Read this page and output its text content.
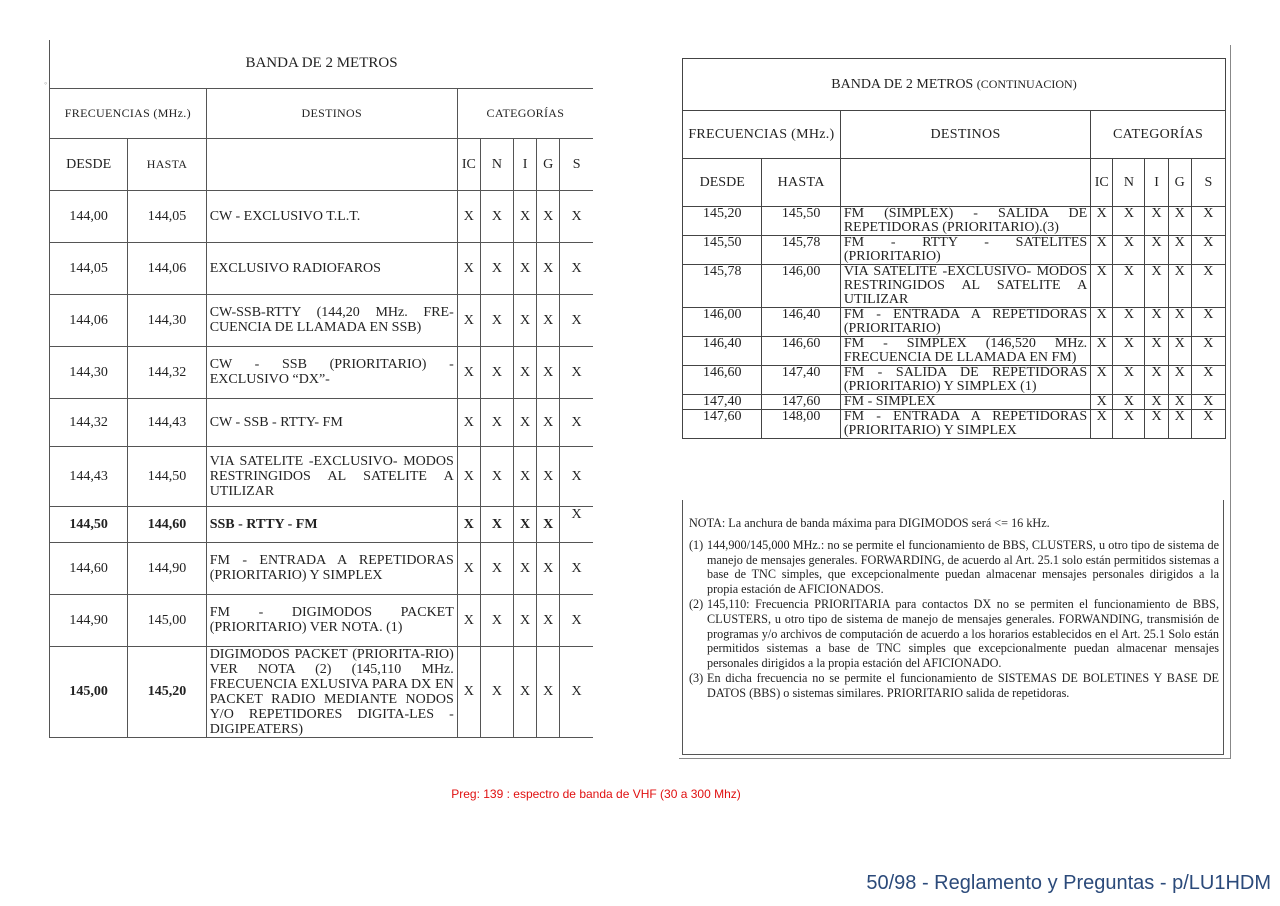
◦
BANDA DE 2 METROS							
FRECUENCIAS (MHz.)		DESTINOS	CATEGORÍAS				
DESDE	HASTA		IC	N	I	G	S
144,00	144,05	CW - EXCLUSIVO T.L.T.	X	X	X	X	X
144,05	144,06	EXCLUSIVO RADIOFAROS	X	X	X	X	X
144,06	144,30	CW-SSB-RTTY (144,20 MHz. FRE-CUENCIA DE LLAMADA EN SSB)	X	X	X	X	X
144,30	144,32	CW - SSB (PRIORITARIO) - EXCLUSIVO “DX”-	X	X	X	X	X
144,32	144,43	CW - SSB - RTTY- FM	X	X	X	X	X
144,43	144,50	VIA SATELITE -EXCLUSIVO- MODOS RESTRINGIDOS AL SATELITE A UTILIZAR	X	X	X	X	X
144,50	144,60	SSB - RTTY - FM	X	X	X	X	X
144,60	144,90	FM - ENTRADA A REPETIDORAS (PRIORITARIO) Y SIMPLEX	X	X	X	X	X
144,90	145,00	FM - DIGIMODOS PACKET (PRIORITARIO) VER NOTA. (1)	X	X	X	X	X
145,00	145,20	DIGIMODOS PACKET (PRIORITA-RIO) VER NOTA (2) (145,110 MHz. FRECUENCIA EXLUSIVA PARA DX EN PACKET RADIO MEDIANTE NODOS Y/O REPETIDORES DIGITA-LES - DIGIPEATERS)	X	X	X	X	X
BANDA DE 2 METROS (CONTINUACION)							
FRECUENCIAS (MHz.)		DESTINOS	CATEGORÍAS				
DESDE	HASTA		IC	N	I	G	S
145,20	145,50	FM (SIMPLEX) - SALIDA DE REPETIDORAS (PRIORITARIO).(3)	X	X	X	X	X
145,50	145,78	FM - RTTY - SATELITES (PRIORITARIO)	X	X	X	X	X
145,78	146,00	VIA SATELITE -EXCLUSIVO- MODOS RESTRINGIDOS AL SATELITE A UTILIZAR	X	X	X	X	X
146,00	146,40	FM - ENTRADA A REPETIDORAS (PRIORITARIO)	X	X	X	X	X
146,40	146,60	FM - SIMPLEX (146,520 MHz. FRECUENCIA DE LLAMADA EN FM)	X	X	X	X	X
146,60	147,40	FM - SALIDA DE REPETIDORAS (PRIORITARIO) Y SIMPLEX (1)	X	X	X	X	X
147,40	147,60	FM - SIMPLEX	X	X	X	X	X
147,60	148,00	FM - ENTRADA A REPETIDORAS (PRIORITARIO) Y SIMPLEX	X	X	X	X	X

NOTA: La anchura de banda máxima para DIGIMODOS será <= 16 kHz.

(1) 144,900/145,000 MHz.: no se permite el funcionamiento de BBS, CLUSTERS, u otro tipo de sistema de manejo de mensajes generales. FORWARDING, de acuerdo al Art. 25.1 solo están permitidos sistemas a base de TNC simples, que excepcionalmente puedan almacenar mensajes personales dirigidos a la propia estación de AFICIONADOS.
(2) 145,110: Frecuencia PRIORITARIA para contactos DX no se permiten el funcionamiento de BBS, CLUSTERS, u otro tipo de sistema de manejo de mensajes generales. FORWANDING, transmisión de programas y/o archivos de computación de acuerdo a los horarios establecidos en el Art. 25.1 Solo están permitidos sistemas a base de TNC simples que excepcionalmente puedan almacenar mensajes personales dirigidos a la propia estación del AFICIONADO.
(3) En dicha frecuencia no se permite el funcionamiento de SISTEMAS DE BOLETINES Y BASE DE DATOS (BBS) o sistemas similares. PRIORITARIO salida de repetidoras.
Preg: 139 : espectro de banda de VHF (30 a 300 Mhz)
50/98 - Reglamento y Preguntas - p/LU1HDM
